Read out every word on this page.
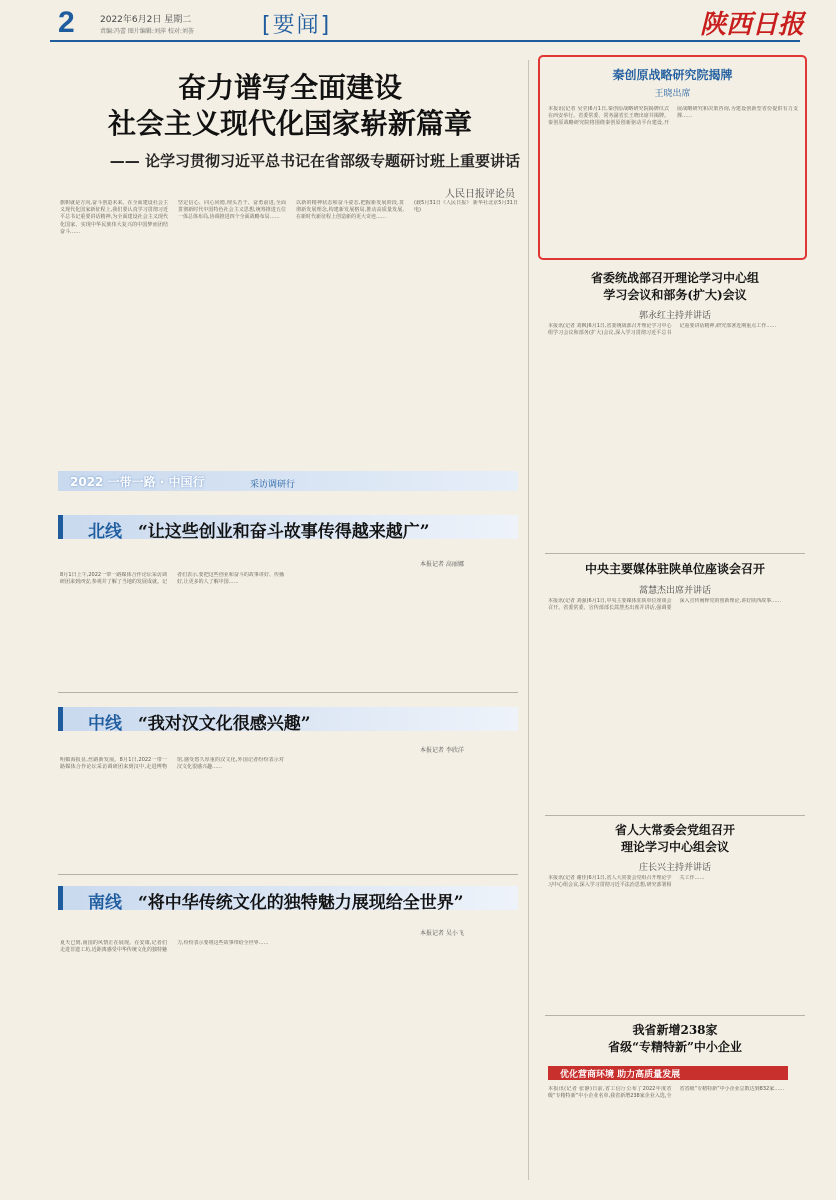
2	2022年6月2日 星期二
责编:冯蕾 图片编辑:刘萍 校对:刘荟	[要闻]	陕西日报
奋力谱写全面建设
社会主义现代化国家崭新篇章
—— 论学习贯彻习近平总书记在省部级专题研讨班上重要讲话
人民日报评论员
旗帜就是方向,奋斗创造未来。在全面建设社会主义现代化国家新征程上,我们要认真学习贯彻习近平总书记重要讲话精神,为全面建设社会主义现代化国家、实现中华民族伟大复兴的中国梦而团结奋斗……
坚定信心、同心同德,埋头苦干、奋勇前进,全面贯彻新时代中国特色社会主义思想,统筹推进五位一体总体布局,协调推进四个全面战略布局……
以新的精神状态和奋斗姿态,把握新发展阶段,贯彻新发展理念,构建新发展格局,推动高质量发展,在新时代新征程上创造新的更大奇迹……
(载5月31日《人民日报》 新华社北京5月31日电)
2022 一带一路 · 中国行	采访调研行
北线 “让这些创业和奋斗故事传得越来越广”
本报记者 高丽娜
8月1日上午,2022一带一路媒体合作论坛采访调研团来到西安,参观并了解了当地的发展成就。记者们表示,要把这些创业和奋斗的故事讲好、传播好,让更多的人了解中国……
中线 “我对汉文化很感兴趣”
本报记者 李欣洋
明媚海报显,丝路新发展。8月1日,2022一带一路媒体合作论坛采访调研团来到汉中,走进博物馆,感受悠久厚重的汉文化,外国记者纷纷表示对汉文化很感兴趣……
南线 “将中华传统文化的独特魅力展现给全世界”
本报记者 吴小飞
夏天已到,南国的风情正在展现。在安康,记者们走进非遗工坊,近距离感受中华传统文化的独特魅力,纷纷表示要将这些故事带给全世界……
秦创原战略研究院揭牌
王晓出席
本报讯(记者 吴莹)6月1日,秦创原战略研究院揭牌仪式在西安举行。省委常委、常务副省长王晓出席并揭牌。秦创原战略研究院将围绕秦创原创新驱动平台建设,开展战略研究和决策咨询,为建设创新型省份提供有力支撑……
省委统战部召开理论学习中心组
学习会议和部务(扩大)会议
郭永红主持并讲话
本报讯(记者 刘枫)6月1日,省委统战部召开理论学习中心组学习会议和部务(扩大)会议,深入学习贯彻习近平总书记重要讲话精神,研究部署近期重点工作……
中央主要媒体驻陕单位座谈会召开
蒿慧杰出席并讲话
本报讯(记者 刘强)6月1日,中央主要媒体驻陕单位座谈会召开。省委常委、宣传部部长蒿慧杰出席并讲话,强调要深入宣传阐释党的创新理论,讲好陕西故事……
省人大常委会党组召开
理论学习中心组会议
庄长兴主持并讲话
本报讯(记者 谢佳)6月1日,省人大常委会党组召开理论学习中心组会议,深入学习贯彻习近平法治思想,研究部署相关工作……
我省新增238家
省级“专精特新”中小企业
优化营商环境 助力高质量发展
本报讯(记者 张静)日前,省工信厅公布了2022年度省级“专精特新”中小企业名单,我省新增238家企业入选,全省省级“专精特新”中小企业总数达到832家……
